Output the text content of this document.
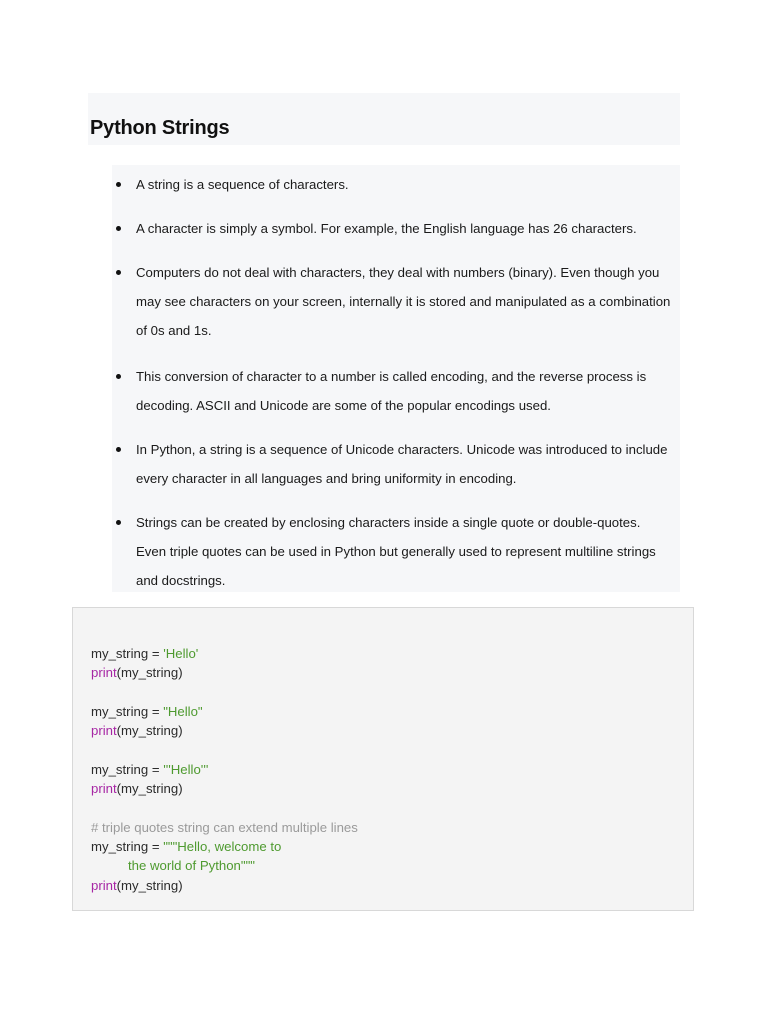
Python Strings
A string is a sequence of characters.
A character is simply a symbol. For example, the English language has 26 characters.
Computers do not deal with characters, they deal with numbers (binary). Even though you may see characters on your screen, internally it is stored and manipulated as a combination of 0s and 1s.
This conversion of character to a number is called encoding, and the reverse process is decoding. ASCII and Unicode are some of the popular encodings used.
In Python, a string is a sequence of Unicode characters. Unicode was introduced to include every character in all languages and bring uniformity in encoding.
Strings can be created by enclosing characters inside a single quote or double-quotes. Even triple quotes can be used in Python but generally used to represent multiline strings and docstrings.
my_string = 'Hello'
print(my_string)
my_string = "Hello"
print(my_string)
my_string = '''Hello'''
print(my_string)
# triple quotes string can extend multiple lines
my_string = """Hello, welcome to
the world of Python"""
print(my_string)
